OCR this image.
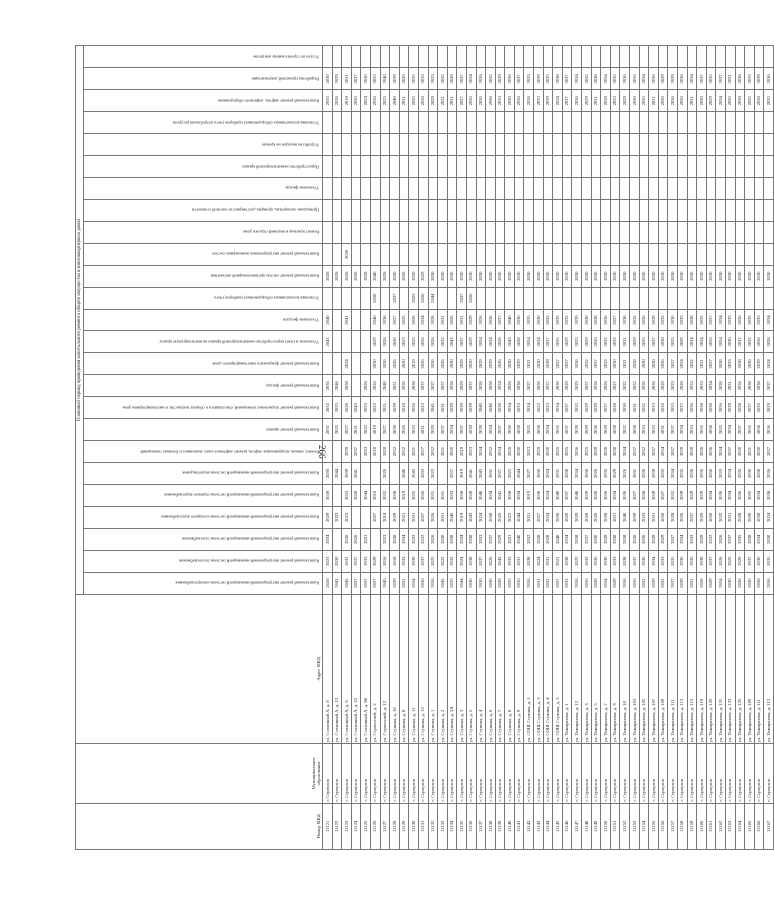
266
Номер МКД	Муниципальное образование	Адрес МКД	Плановый период проведения капитального ремонта общего имущества в многоквартирных домах																								

			Капитальный ремонт внутридомовой инженерной системы электроснабжения	Капитальный ремонт внутридомовой инженерной системы теплоснабжения	Капитальный ремонт внутридомовой инженерной системы газоснабжения	Капитальный ремонт внутридомовой инженерной системы холодного водоснабжения	Капитальный ремонт внутридомовой инженерной системы горячего водоснабжения	Капитальный ремонт внутридомовой инженерной системы водоотведения	Ремонт, замена, модернизация лифтов, ремонт лифтовых шахт, машинных и блочных помещений	Капитальный ремонт крыши	Капитальный ремонт подвальных помещений, относящихся к общему имуществу в многоквартирном доме	Капитальный ремонт фасада	Капитальный ремонт фундамента многоквартирного дома	Утепление и (или) переустройство невентилируемой крыши на вентилируемую крышу	Утепление фасадов	Установка коллективных (общедомовых) приборов учета	Капитальный ремонт систем противопожарной автоматики	Капитальный ремонт внутридомовых инженерных систем	Ремонт крыльца и внешней отделки дома	Проведение экспертизы, проверка достоверности сметной стоимости	Утепление фасада	Переустройство невентилируемой крыши	Устройство выходов на кровлю	Установка коллективных (общедомовых) приборов учета потребления ресурсов	Капитальный ремонт лифтов, лифтового оборудования	Разработка проектной документации	Услуги по строительному контролю

11121	г. Серпухов	ул. Стачечный А, д. 8	2026	2023	2034	2029	2028	2030		2031	2035	2036		2041	2040		2026								2035	2030	
11122	г. Серпухов	ул. Стачечный А, д. 12	2041	2030		2033		2044		2025	2035	2046					2026								2026	2029	
11123	г. Серпухов	ул. Стачечный А, д. 6	2045	2031	2036	2023	2023	2039	2039	2027	2028	2038	2024		2041		2026	2026							2018	2031	
11124	г. Серпухов	ул. Стачечный А, д. 22	2037	2037	2026		2028	2041	2037	2031	2043						2026								2026	2027	
11125	г. Серпухов	ул. Стачечный А, д. 88	2037	2033	2031		2044		2033	2032	2025	2028					2028								2024	2030	
11126	г. Серпухов	ул. Строителей, д. 2	2037	2029		2027	2010		2018	2019	2022	2026	2030	2029	2040	2050	2040								2036	2023	
11127	г. Серпухов	ул. Строителей, д. 12	2045	2016	2023	2018	2032	2020	2028	2027	2021	2040	2026	2026	2036		2026								2025	2040	
11128	г. Серпухов	ул. Ступина, д. 16	2039	2018	2038	2029	2038		2032	2030	2039	2031	2026	2020	2027	2037	2030								2040	2039	
11129	г. Серпухов	ул. Ступина, д. 8	2031	2033	2034	2021	2019	2040	2022	2026	2018	2030	2020	2023	2025		2026								2031	2026	
11130	г. Серпухов	ул. Ступина, д. 11	2034	2039	2032	2031	2025	2043	2021	2033	2026	2038	2019	2025	2026	2025	2020								2035	2035	
11131	г. Серпухов	ул. Ступина, д. 13	2036	2037	2032	2027	2026	2033	2027	2021	2023	2037	2026	2026	2034	2026	2029								2028	2033	
11132	г. Серпухов	ул. Ступина, д. 1	2026	2022	2026	2026	2031	2022	2032	2029	2041	2037	2026	2026	2028	2044	2030								2029	2023	
11133	г. Серпухов	ул. Ступина, д. 2	2045	2022	2030	2031	2031		2031	2037	2031	2037	2026	2032	2031		2030								2031	2032	
11134	г. Серпухов	ул. Ступина, д. 3А	2035	2032	2038	2046	2033	2037	2020	2034	2039	2038	2030	2043	2026		2030								2031	2028	
11135	г. Серпухов	ул. Ступина, д. 3	2044	2024	2034	2019	2038	2019	2019	2037	2039	2029	2029	2037	2031	2037	2030								2027	2027	
11136	г. Серпухов	ул. Ступина, д. 5	2030	2038	2038	2043	2028	2041	2023	2039	2039	2037	2020	2029	2029	2026	2030								2026	2024	
11137	г. Серпухов	ул. Ступина, д. 4	2030	2037	2033	2034	2040	2043	2034	2039	2040	2038	2029	2034	2026		2030								2030	2026	
11138	г. Серпухов	ул. Ступина, д. 6	2030	2026	2037	2038	2034	2031	2032	2034	2040	2038	2039	2034	2036		2030								2036	2032	
11139	г. Серпухов	ул. Ступина, д. 7	2038	2042	2029	2025	2041	2027	2034	2037	2030	2034	2026	2028	2037		2030								2033	2039	
11140	г. Серпухов	ул. Ступина, д. 8	2035	2033	2031	2022	2038	2022	2026	2030	2034	2028	2030	2043	2040		2030								2030	2036	
11141	г. Серпухов	ул. Ступина, д. 9	2035	2031	2040	2044	2034	2044	2030	2038	2033	2038	2029	2028	2030		2030								2036	2037	
11142	г. Серпухов	ул. СОШ Ступина, д. 1	2026	2038	2032	2031	2019	2027	2023	2035	2034	2037	2031	2034	2035		2030								2026	2033	
11143	г. Серпухов	ул. СОШ Ступина, д. 3	2031	2024	2028	2027	2030	2030	2029	2038	2022	2030	2030	2034	2030		2030								2033	2039	
11144	г. Серпухов	ул. СОШ Ступина, д. 4	2032	2031	2028	2034	2024	2024	2030	2034	2033	2037	2039	2037	2032		2030								2039	2035	
11145	г. Серпухов	ул. СОШ Ступина, д. 5	2027	2021	2040	2036	2040	2031	2025	2035	2034	2030	2037	2035	2035		2030								2034	2038	
11146	г. Серпухов	ул. Тимирязева, д. 1	2033	2038	2034	2020	2037	2038	2035	2037	2037	2029	2027	2029	2032		2030								2037	2037	
11147	г. Серпухов	ул. Тимирязева, д. 12	2026	2022	2038	2039	2040	2034	2036	2039	2032	2029	2036	2033	2039		2030								2036	2034	
11148	г. Серпухов	ул. Тимирязева, д. 3	2035	2033	2037	2028	2029	2036	2025	2029	2029	2037	2032	2029	2030		2030								2029	2032	
11149	г. Серпухов	ул. Тимирязева, д. 5	2038	2036	2030	2026	2030	2026	2039	2030	2039	2038	2037	2036	2038		2030								2031	2038	
11150	г. Серпухов	ул. Тимирязева, д. 7	2034	2030	2039	2028	2026	2035	2030	2029	2037	2028	2033	2033	2036		2030								2038	2034	
11151	г. Серпухов	ул. Тимирязева, д. 9	2029	2033	2038	2031	2034	2029	2038	2038	2028	2027	2030	2033	2027		2030								2033	2035	
11152	г. Серпухов	ул. Тимирязева, д. 10	2036	2038	2038	2040	2030	2026	2034	2032	2030	2032	2031	2031	2038		2030								2029	2036	
11153	г. Серпухов	ул. Тимирязева, д. 103	2035	2037	2036	2039	2027	2031	2037	2038	2031	2032	2038	2029	2032		2030								2030	2033	
11154	г. Серпухов	ул. Тимирязева, д. 105	2032	2030	2036	2033	2038	2030	2032	2033	2032	2030	2030	2035	2036		2030								2035	2034	
11155	г. Серпухов	ул. Тимирязева, д. 107	2039	2034	2039	2031	2039	2039	2037	2033	2033	2036	2030	2037	2029		2030								2031	2036	
11156	г. Серпухов	ул. Тимирязева, д. 109	2032	2033	2029	2036	2027	2035	2034	2031	2026	2029	2036	2038	2032		2030								2030	2029	
11157	г. Серпухов	ул. Тимирязева, д. 111	2037	2035	2037	2028	2032	2034	2037	2037	2035	2033	2037	2035	2030		2030								2036	2039	
11158	г. Серпухов	ул. Тимирязева, д. 113	2039	2030	2034	2036	2039	2035	2039	2034	2037	2028	2034	2029	2035		2030								2036	2036	
11159	г. Серпухов	ул. Тимирязева, д. 115	2031	2035	2033	2037	2029	2036	2028	2033	2036	2033	2032	2034	2038		2030								2031	2034	
11160	г. Серпухов	ул. Тимирязева, д. 119	2028	2038	2029	2029	2029	2036	2036	2035	2038	2033	2031	2034	2033		2030								2030	2037	
11161	г. Серпухов	ул. Тимирязева, д. 125	2029	2037	2032	2036	2034	2036	2036	2036	2030	2034	2037	2035	2037		2030								2029	2035	
11162	г. Серпухов	ул. Тимирязева, д. 131	2034	2026	2026	2032	2030	2033	2034	2035	2036	2038	2038	2034	2034		2030								2034	2037	
11163	г. Серпухов	ул. Тимирязева, д. 133	2030	2025	2037	2031	2034	2034	2037	2034	2029	2031	2033	2030	2035		2030								2035	2031	
11164	г. Серпухов	ул. Тимирязева, д. 135	2036	2029	2035	2038	2036	2035	2030	2037	2038	2036	2038	2032	2036		2030								2038	2036	
11165	г. Серпухов	ул. Тимирязева, д. 109	2030	2037	2038	2030	2035	2030	2031	2035	2037	2038	2036	2033	2035		2030								2032	2033	
11166	г. Серпухов	ул. Тимирязева, д. 111	2038	2030	2034	2038	2034	2038	2030	2036	2035	2038	2039	2036	2035		2030								2038	2039	
11167	г. Серпухов	ул. Тимирязева, д. 113	2036	2035	2030	2034	2038	2036	2037	2036	2029	2037	2034	2038	2034		2030								2035	2036	
